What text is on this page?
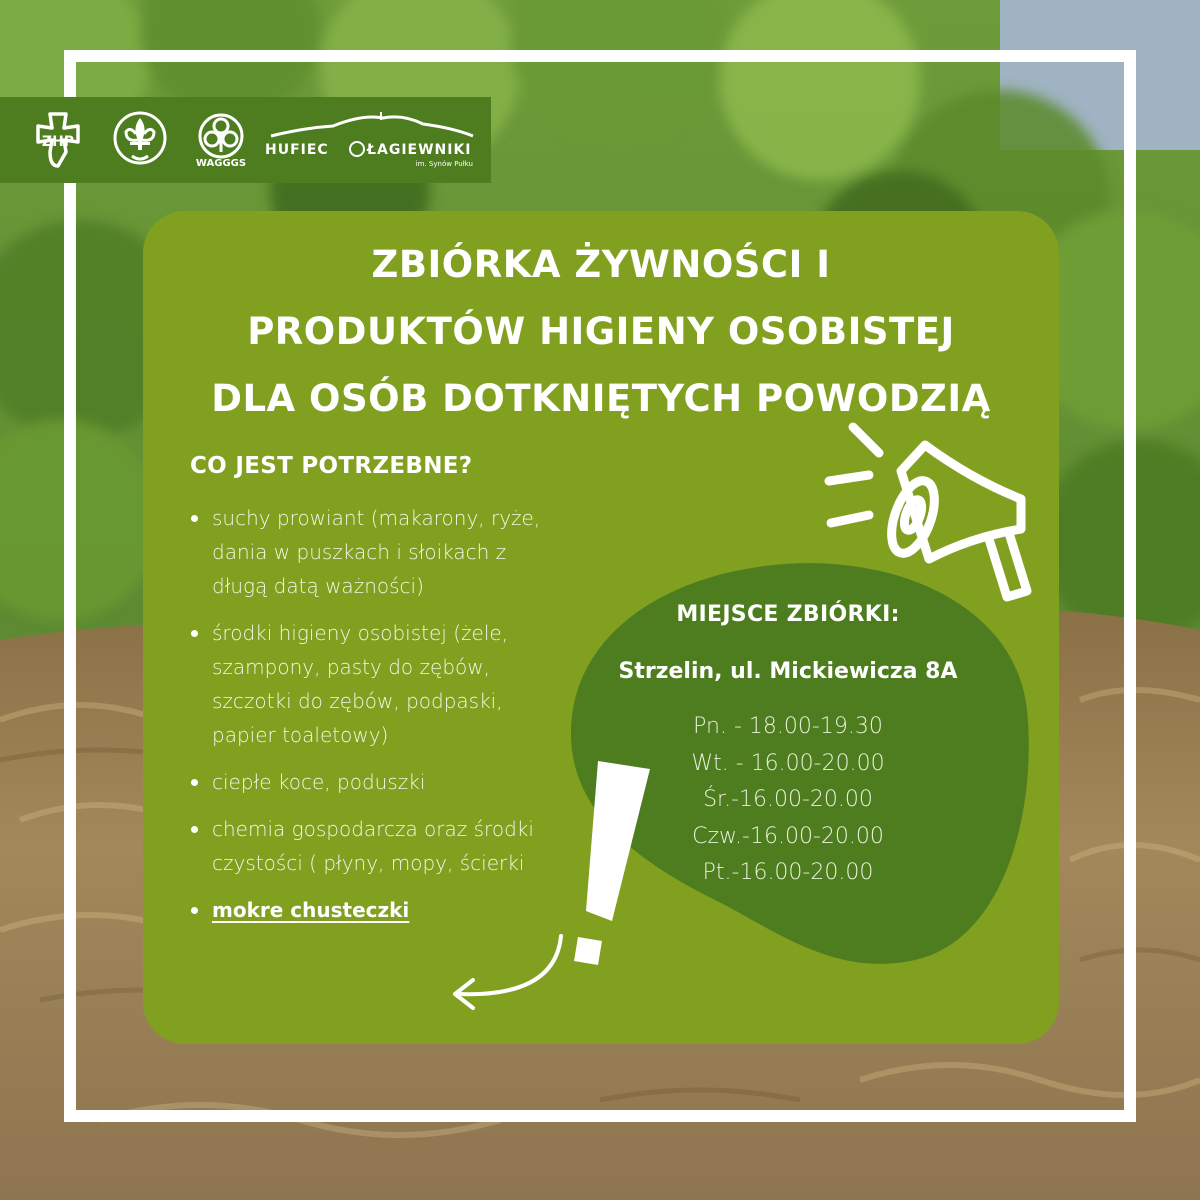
ZHP
WAGGGS
HUFIEC	ŁAGIEWNIKI
im. Synów Pułku
ZBIÓRKA ŻYWNOŚCI I
PRODUKTÓW HIGIENY OSOBISTEJ
DLA OSÓB DOTKNIĘTYCH POWODZIĄ
CO JEST POTRZEBNE?
suchy prowiant (makarony, ryże, dania w puszkach i słoikach z długą datą ważności)
środki higieny osobistej (żele, szampony, pasty do zębów, szczotki do zębów, podpaski, papier toaletowy)
ciepłe koce, poduszki
chemia gospodarcza oraz środki czystości ( płyny, mopy, ścierki
mokre chusteczki
MIEJSCE ZBIÓRKI:

Strzelin, ul. Mickiewicza 8A

Pn. - 18.00-19.30
Wt. - 16.00-20.00
Śr.-16.00-20.00
Czw.-16.00-20.00
Pt.-16.00-20.00
